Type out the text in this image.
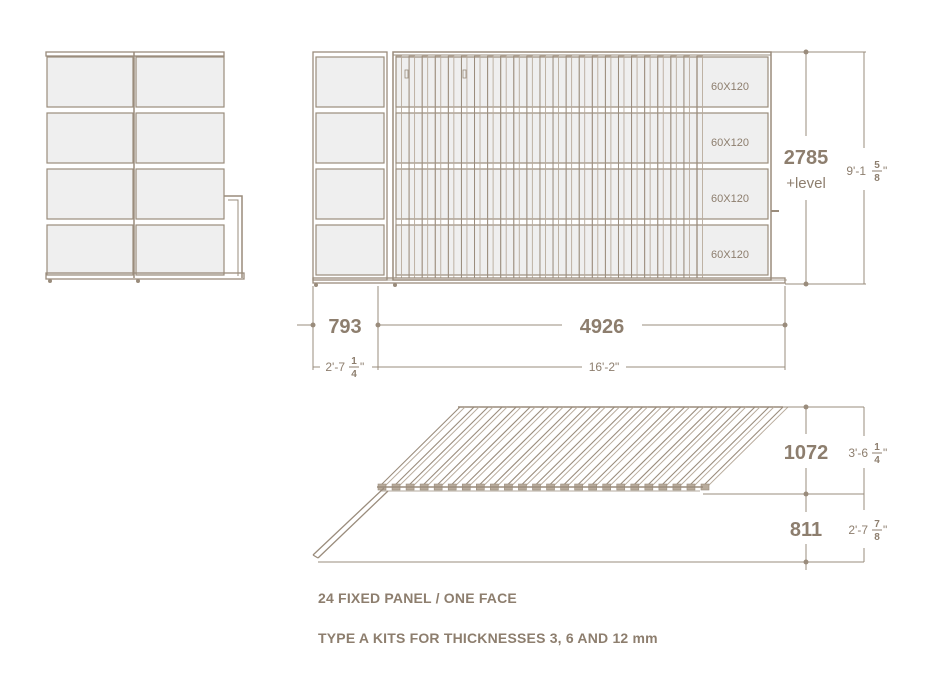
60X120
60X120
60X120
60X120
2785
+level
9'-1 5
8
"
793	4926
2'-7 1
4
"	16'-2"
1072
811
3'-6 1
4
"
2'-7 7
8
"
24 FIXED PANEL / ONE FACE
TYPE A KITS FOR THICKNESSES 3, 6 AND 12 mm
